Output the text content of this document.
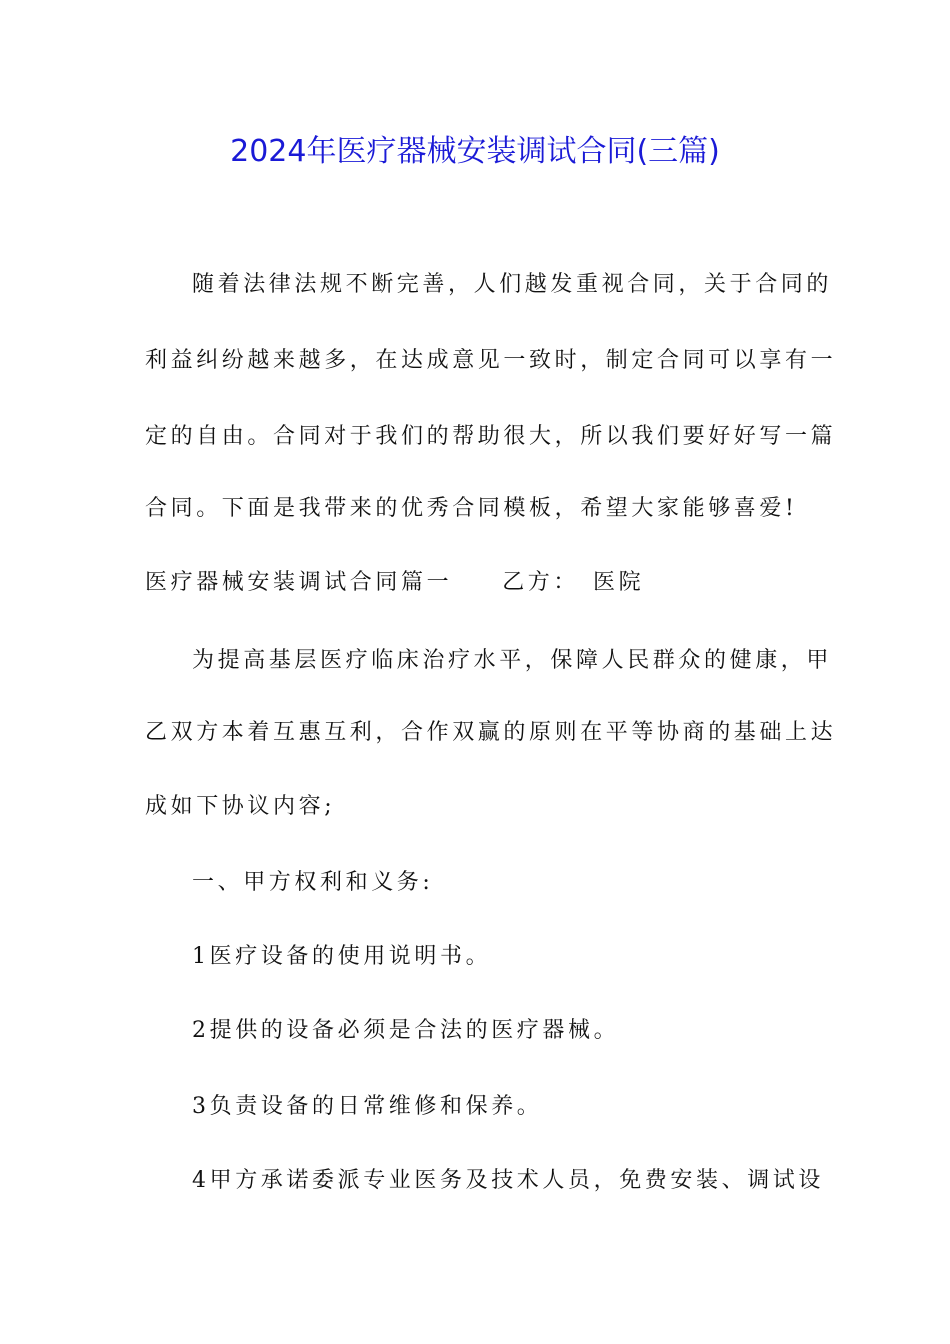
2024年医疗器械安装调试合同(三篇)
随着法律法规不断完善，人们越发重视合同，关于合同的
利益纠纷越来越多，在达成意见一致时，制定合同可以享有一
定的自由。合同对于我们的帮助很大，所以我们要好好写一篇
合同。下面是我带来的优秀合同模板，希望大家能够喜爱!
医疗器械安装调试合同篇一 乙方： 医院
为提高基层医疗临床治疗水平，保障人民群众的健康，甲
乙双方本着互惠互利，合作双赢的原则在平等协商的基础上达
成如下协议内容;
一、甲方权利和义务:
1医疗设备的使用说明书。
2提供的设备必须是合法的医疗器械。
3负责设备的日常维修和保养。
4甲方承诺委派专业医务及技术人员，免费安装、调试设
